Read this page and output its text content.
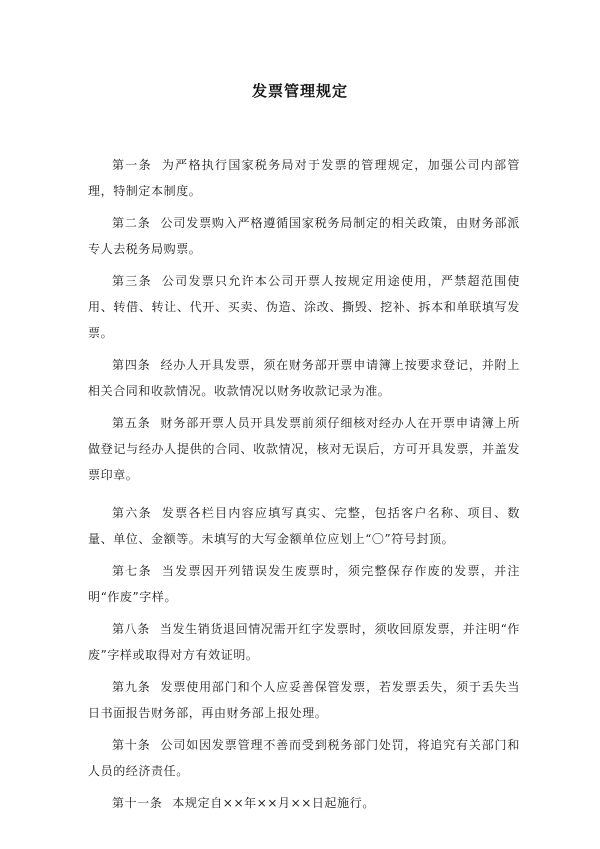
发票管理规定

第一条 为严格执行国家税务局对于发票的管理规定，加强公司内部管理，特制定本制度。

第二条 公司发票购入严格遵循国家税务局制定的相关政策，由财务部派专人去税务局购票。

第三条 公司发票只允许本公司开票人按规定用途使用，严禁超范围使用、转借、转让、代开、买卖、伪造、涂改、撕毁、挖补、拆本和单联填写发票。

第四条 经办人开具发票，须在财务部开票申请簿上按要求登记，并附上相关合同和收款情况。收款情况以财务收款记录为准。

第五条 财务部开票人员开具发票前须仔细核对经办人在开票申请簿上所做登记与经办人提供的合同、收款情况，核对无误后，方可开具发票，并盖发票印章。

第六条 发票各栏目内容应填写真实、完整，包括客户名称、项目、数量、单位、金额等。未填写的大写金额单位应划上“〇”符号封顶。

第七条 当发票因开列错误发生废票时，须完整保存作废的发票，并注明“作废”字样。

第八条 当发生销货退回情况需开红字发票时，须收回原发票，并注明“作废”字样或取得对方有效证明。

第九条 发票使用部门和个人应妥善保管发票，若发票丢失，须于丢失当日书面报告财务部，再由财务部上报处理。

第十条 公司如因发票管理不善而受到税务部门处罚，将追究有关部门和人员的经济责任。

第十一条 本规定自××年××月××日起施行。
